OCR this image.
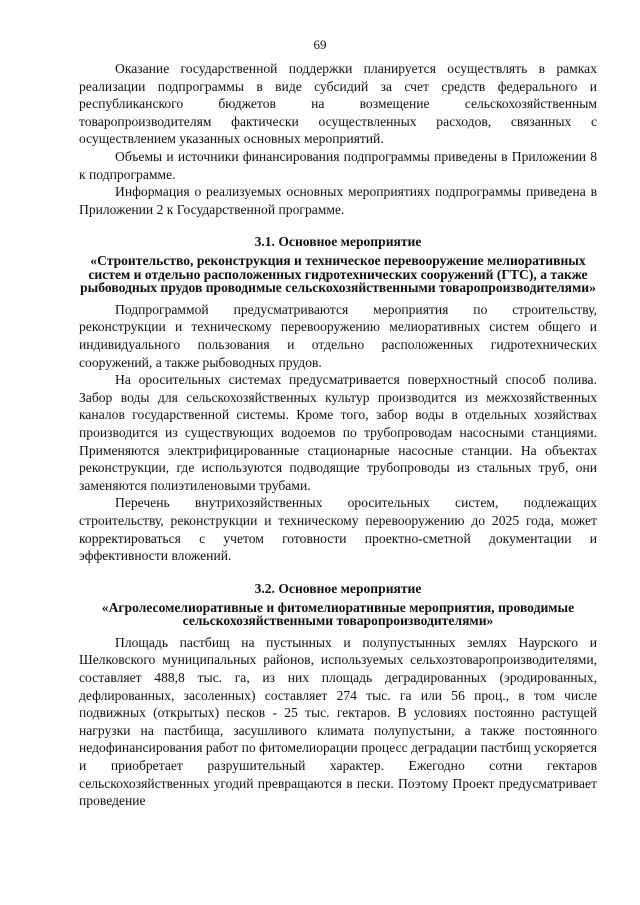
69

Оказание государственной поддержки планируется осуществлять в рамках реализации подпрограммы в виде субсидий за счет средств федерального и республиканского бюджетов на возмещение сельскохозяйственным товаропроизводителям фактически осуществленных расходов, связанных с осуществлением указанных основных мероприятий.

Объемы и источники финансирования подпрограммы приведены в Приложении 8 к подпрограмме.

Информация о реализуемых основных мероприятиях подпрограммы приведена в Приложении 2 к Государственной программе.

3.1. Основное мероприятие

«Строительство, реконструкция и техническое перевооружение мелиоративных систем и отдельно расположенных гидротехнических сооружений (ГТС), а также рыбоводных прудов проводимые сельскохозяйственными товаропроизводителями»

Подпрограммой предусматриваются мероприятия по строительству, реконструкции и техническому перевооружению мелиоративных систем общего и индивидуального пользования и отдельно расположенных гидротехнических сооружений, а также рыбоводных прудов.

На оросительных системах предусматривается поверхностный способ полива. Забор воды для сельскохозяйственных культур производится из межхозяйственных каналов государственной системы. Кроме того, забор воды в отдельных хозяйствах производится из существующих водоемов по трубопроводам насосными станциями. Применяются электрифицированные стационарные насосные станции. На объектах реконструкции, где используются подводящие трубопроводы из стальных труб, они заменяются полиэтиленовыми трубами.

Перечень внутрихозяйственных оросительных систем, подлежащих строительству, реконструкции и техническому перевооружению до 2025 года, может корректироваться с учетом готовности проектно-сметной документации и эффективности вложений.

3.2. Основное мероприятие

«Агролесомелиоративные и фитомелиоративные мероприятия, проводимые сельскохозяйственными товаропроизводителями»

Площадь пастбищ на пустынных и полупустынных землях Наурского и Шелковского муниципальных районов, используемых сельхозтоваропроизводителями, составляет 488,8 тыс. га, из них площадь деградированных (эродированных, дефлированных, засоленных) составляет 274 тыс. га или 56 проц., в том числе подвижных (открытых) песков - 25 тыс. гектаров. В условиях постоянно растущей нагрузки на пастбища, засушливого климата полупустыни, а также постоянного недофинансирования работ по фитомелиорации процесс деградации пастбищ ускоряется и приобретает разрушительный характер. Ежегодно сотни гектаров сельскохозяйственных угодий превращаются в пески. Поэтому Проект предусматривает проведение
